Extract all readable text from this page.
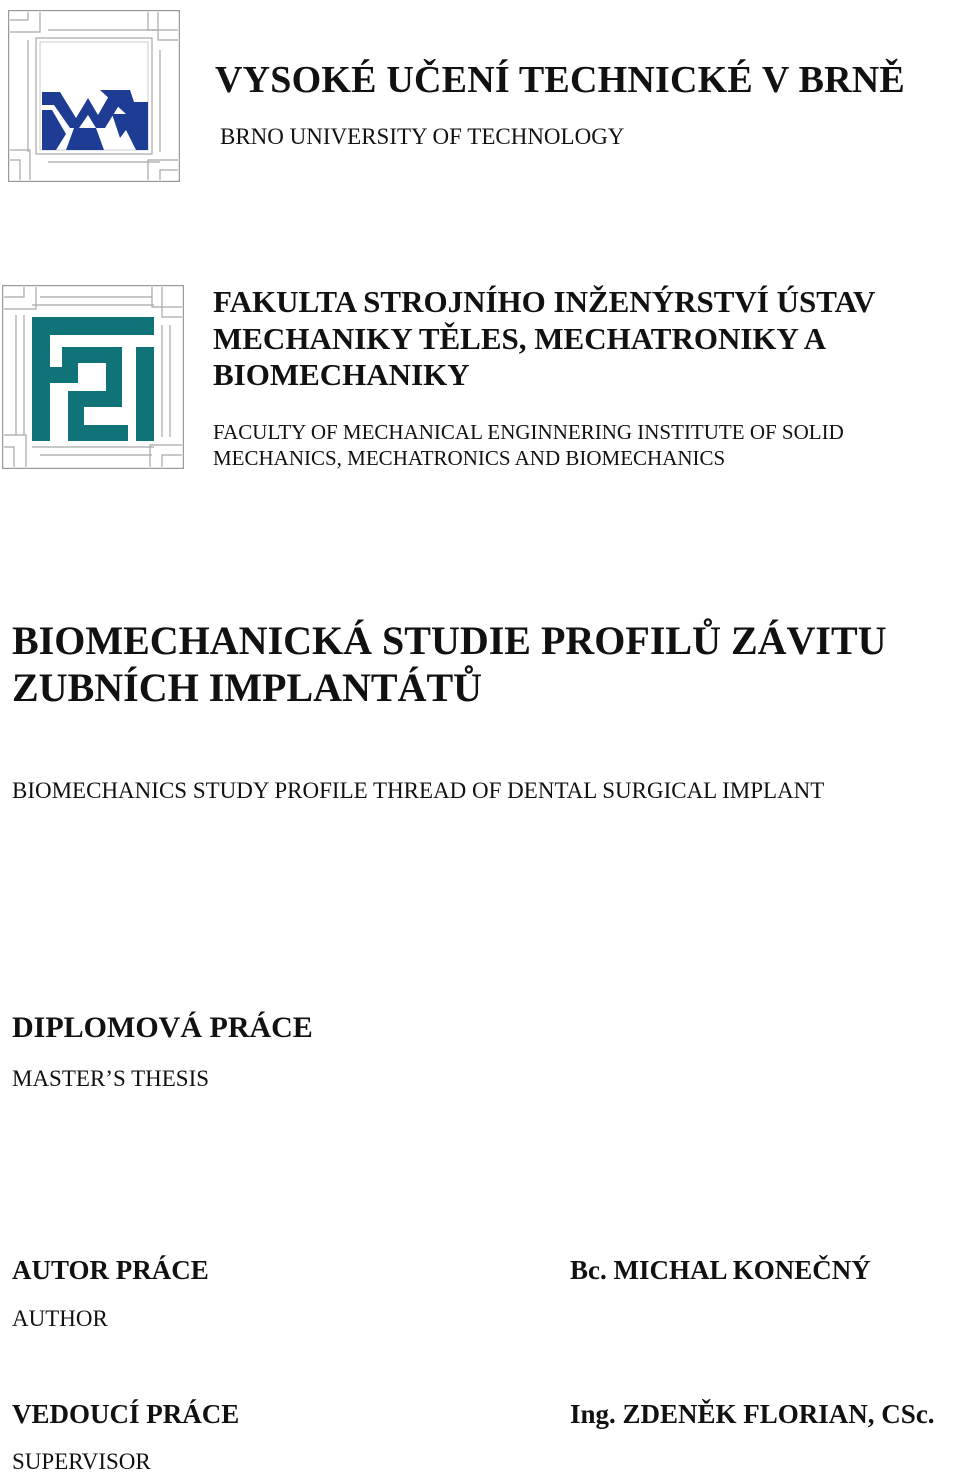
VYSOKÉ UČENÍ TECHNICKÉ V BRNĚ
BRNO UNIVERSITY OF TECHNOLOGY
FAKULTA STROJNÍHO INŽENÝRSTVÍ ÚSTAV MECHANIKY TĚLES, MECHATRONIKY A BIOMECHANIKY
FACULTY OF MECHANICAL ENGINNERING INSTITUTE OF SOLID MECHANICS, MECHATRONICS AND BIOMECHANICS
BIOMECHANICKÁ STUDIE PROFILŮ ZÁVITU ZUBNÍCH IMPLANTÁTŮ
BIOMECHANICS STUDY PROFILE THREAD OF DENTAL SURGICAL IMPLANT
DIPLOMOVÁ PRÁCE
MASTER’S THESIS
AUTOR PRÁCE
AUTHOR
Bc. MICHAL KONEČNÝ
VEDOUCÍ PRÁCE
SUPERVISOR
Ing. ZDENĚK FLORIAN, CSc.
